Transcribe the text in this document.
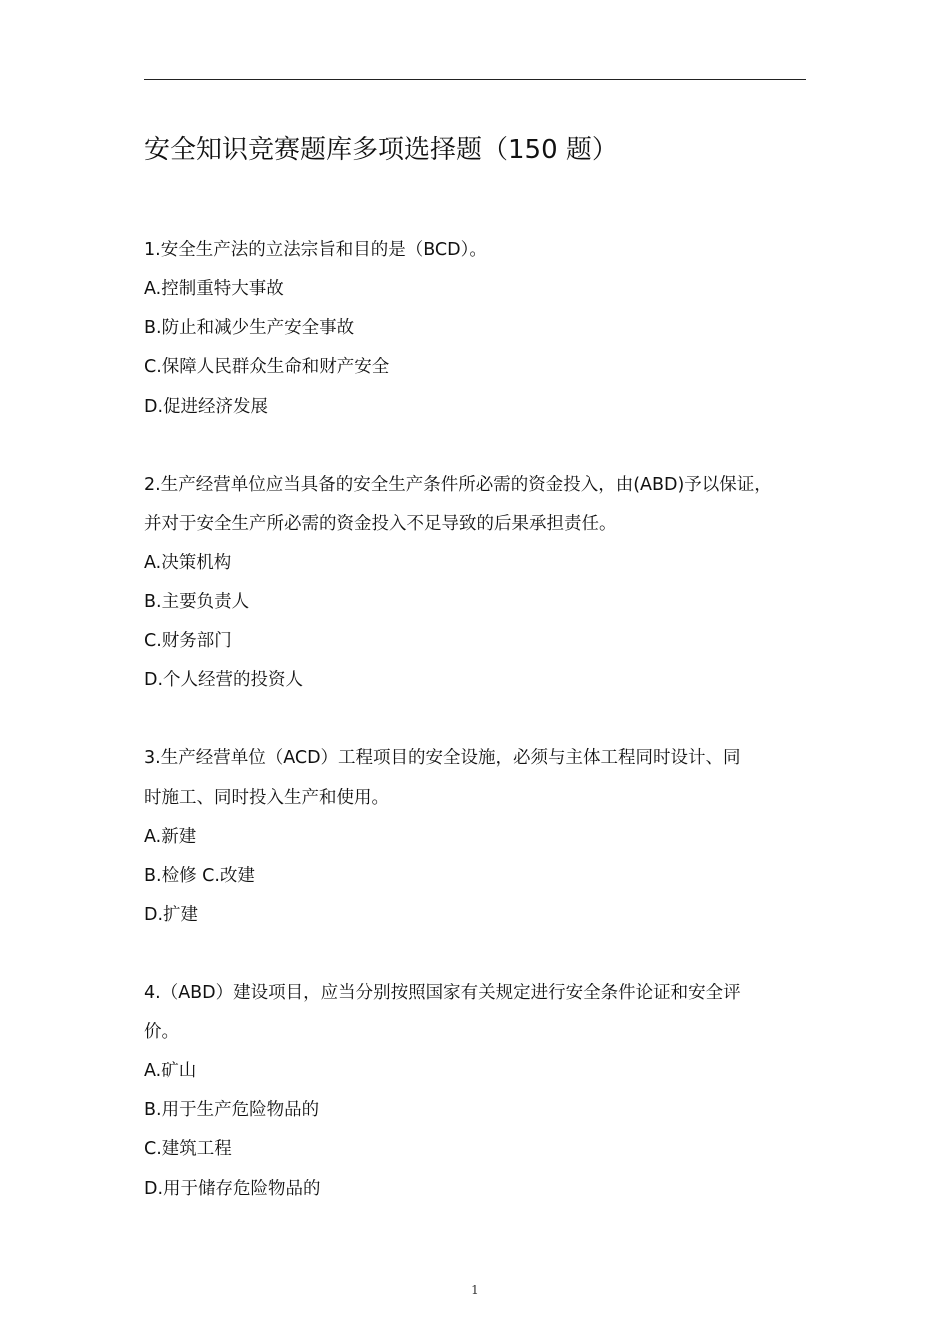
安全知识竞赛题库多项选择题（150 题）
1.安全生产法的立法宗旨和目的是（BCD）。
A.控制重特大事故
B.防止和减少生产安全事故
C.保障人民群众生命和财产安全
D.促进经济发展
2.生产经营单位应当具备的安全生产条件所必需的资金投入，由(ABD)予以保证，
并对于安全生产所必需的资金投入不足导致的后果承担责任。
A.决策机构
B.主要负责人
C.财务部门
D.个人经营的投资人
3.生产经营单位（ACD）工程项目的安全设施，必须与主体工程同时设计、同
时施工、同时投入生产和使用。
A.新建
B.检修 C.改建
D.扩建
4.（ABD）建设项目，应当分别按照国家有关规定进行安全条件论证和安全评
价。
A.矿山
B.用于生产危险物品的
C.建筑工程
D.用于储存危险物品的
1
